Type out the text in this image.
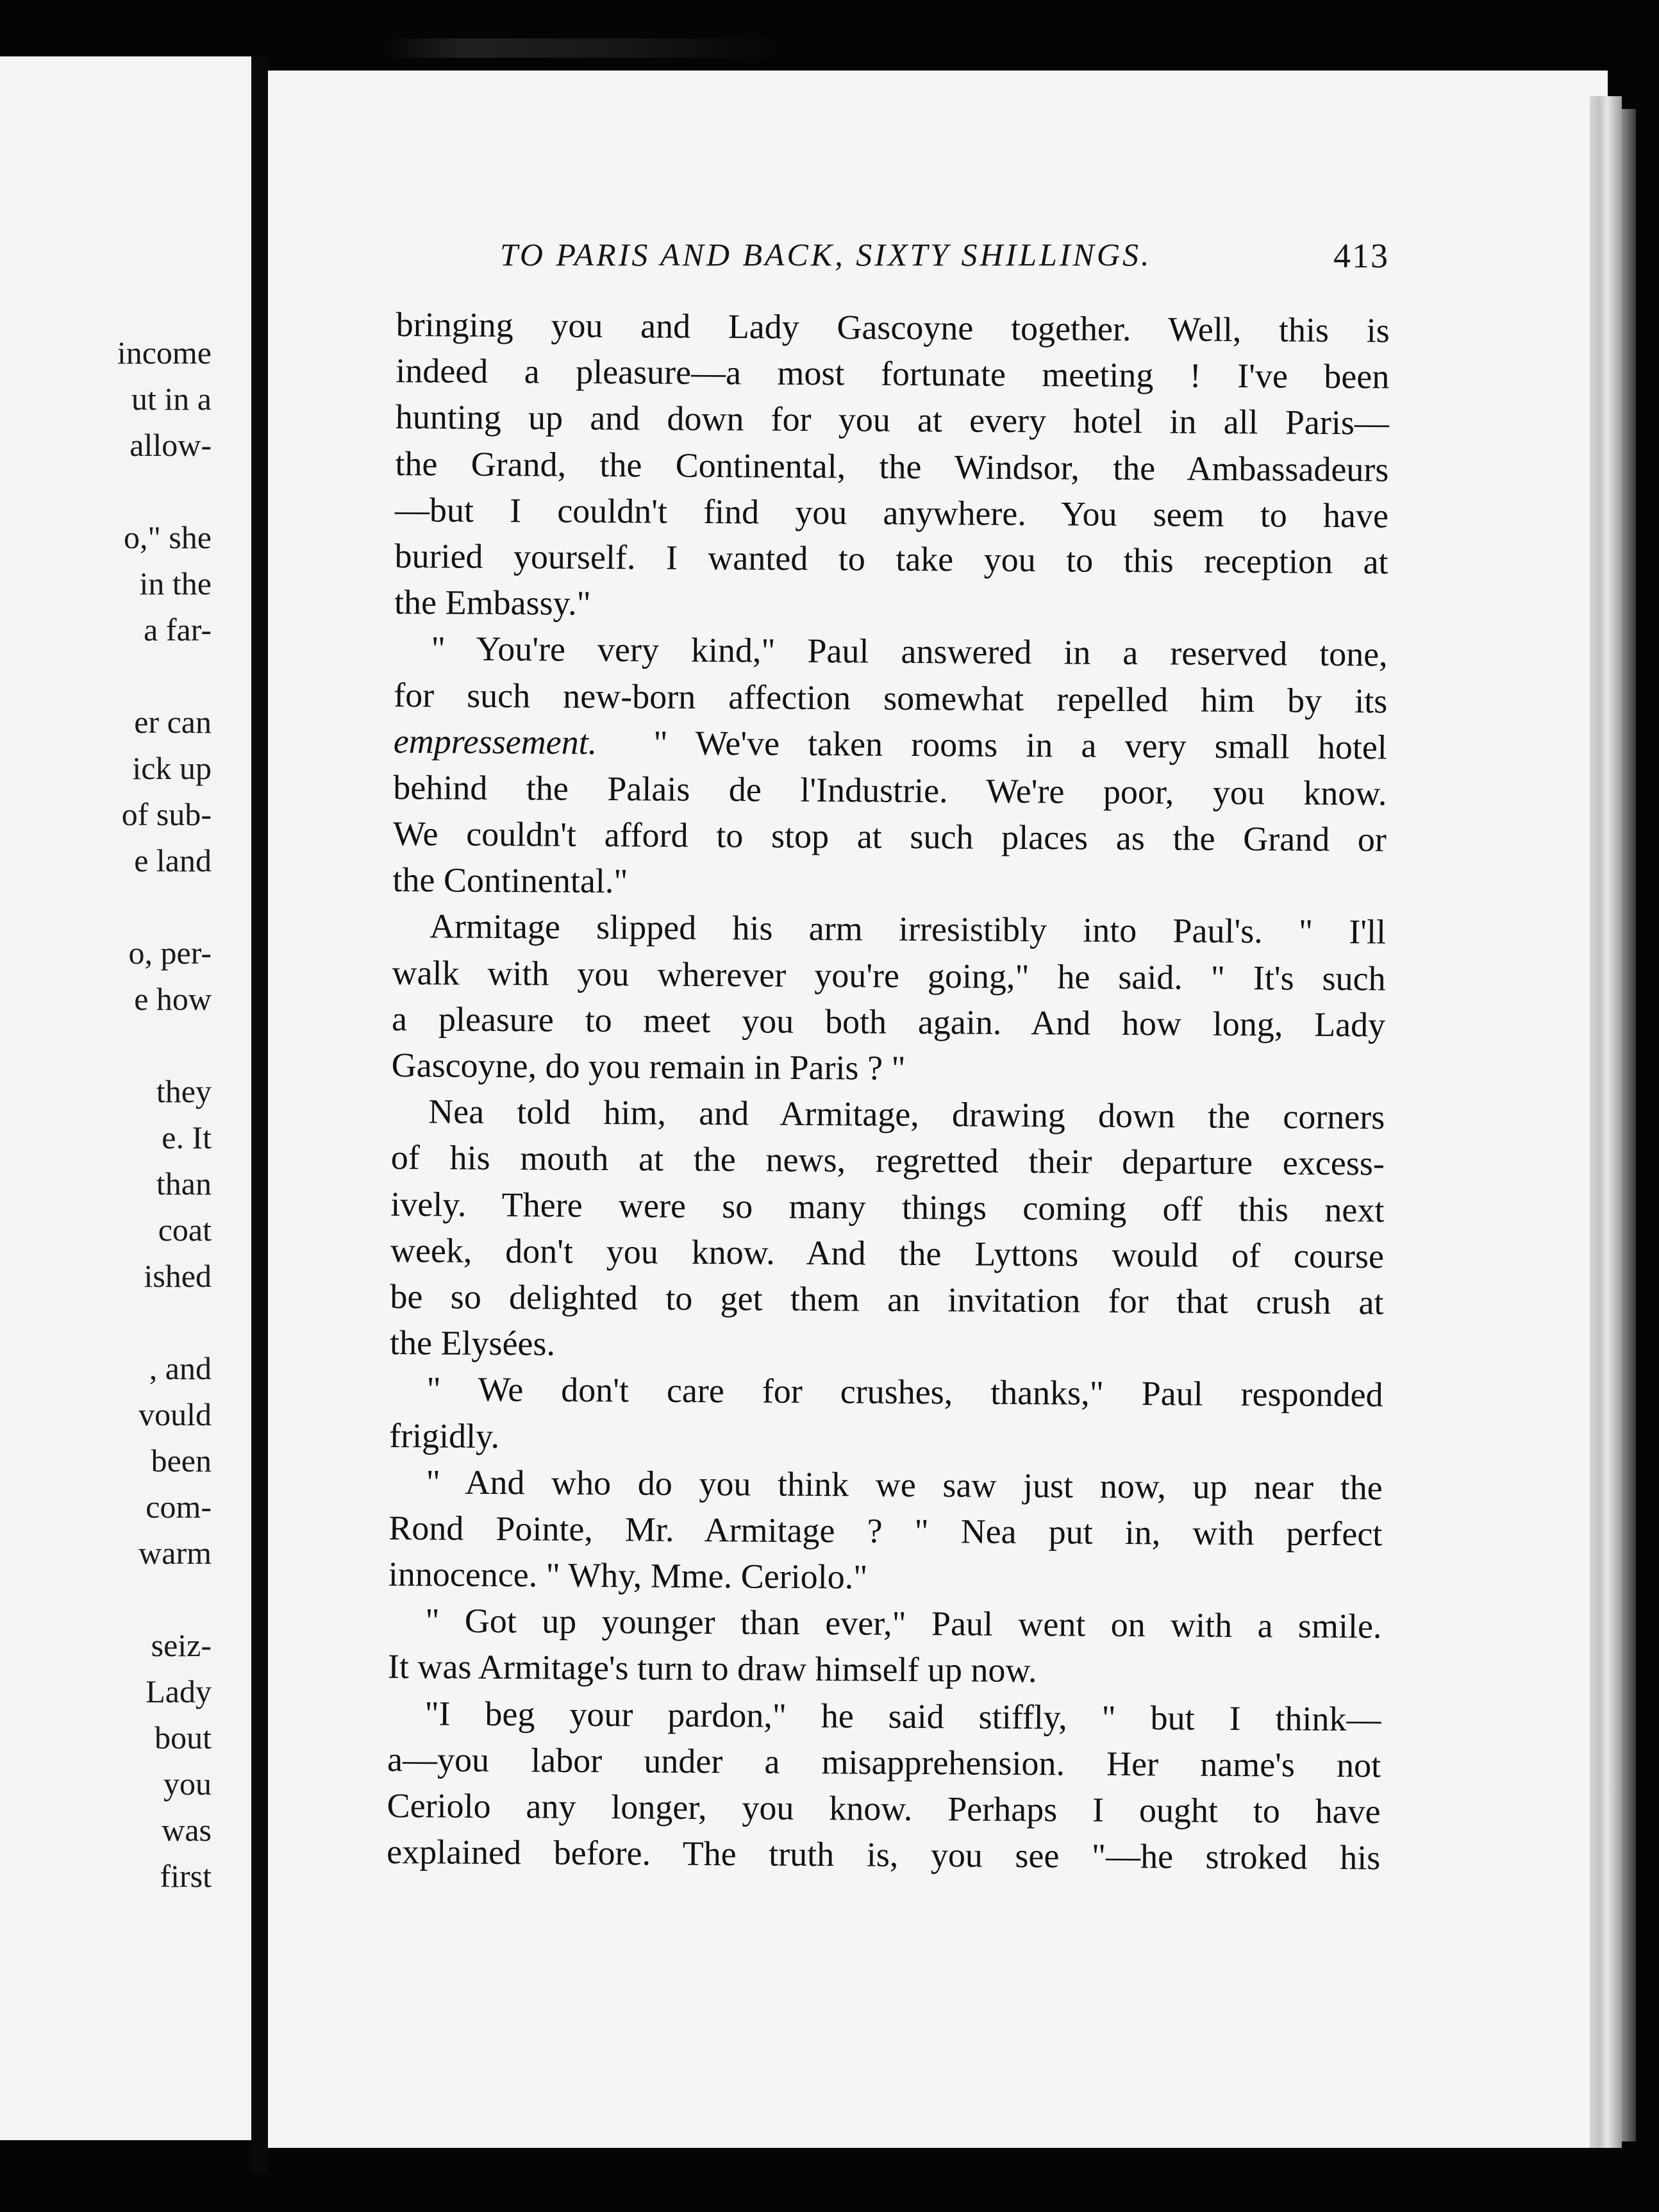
income
ut in a
allow-
o," she
in the
a far-
er can
ick up
of sub-
e land
o, per-
e how
they
e. It
than
coat
ished
, and
vould
been
com-
warm
seiz-
Lady
bout
you
was
first
TO PARIS AND BACK, SIXTY SHILLINGS.	413
bringing you and Lady Gascoyne together. Well, this is
indeed a pleasure—a most fortunate meeting ! I've been
hunting up and down for you at every hotel in all Paris—
the Grand, the Continental, the Windsor, the Ambassadeurs
—but I couldn't find you anywhere. You seem to have
buried yourself. I wanted to take you to this reception at
the Embassy."
" You're very kind," Paul answered in a reserved tone,
for such new-born affection somewhat repelled him by its
empressement. " We've taken rooms in a very small hotel
behind the Palais de l'Industrie. We're poor, you know.
We couldn't afford to stop at such places as the Grand or
the Continental."
Armitage slipped his arm irresistibly into Paul's. " I'll
walk with you wherever you're going," he said. " It's such
a pleasure to meet you both again. And how long, Lady
Gascoyne, do you remain in Paris ? "
Nea told him, and Armitage, drawing down the corners
of his mouth at the news, regretted their departure excess-
ively. There were so many things coming off this next
week, don't you know. And the Lyttons would of course
be so delighted to get them an invitation for that crush at
the Elysées.
" We don't care for crushes, thanks," Paul responded
frigidly.
" And who do you think we saw just now, up near the
Rond Pointe, Mr. Armitage ? " Nea put in, with perfect
innocence. " Why, Mme. Ceriolo."
" Got up younger than ever," Paul went on with a smile.
It was Armitage's turn to draw himself up now.
"I beg your pardon," he said stiffly, " but I think—
a—you labor under a misapprehension. Her name's not
Ceriolo any longer, you know. Perhaps I ought to have
explained before. The truth is, you see "—he stroked his
